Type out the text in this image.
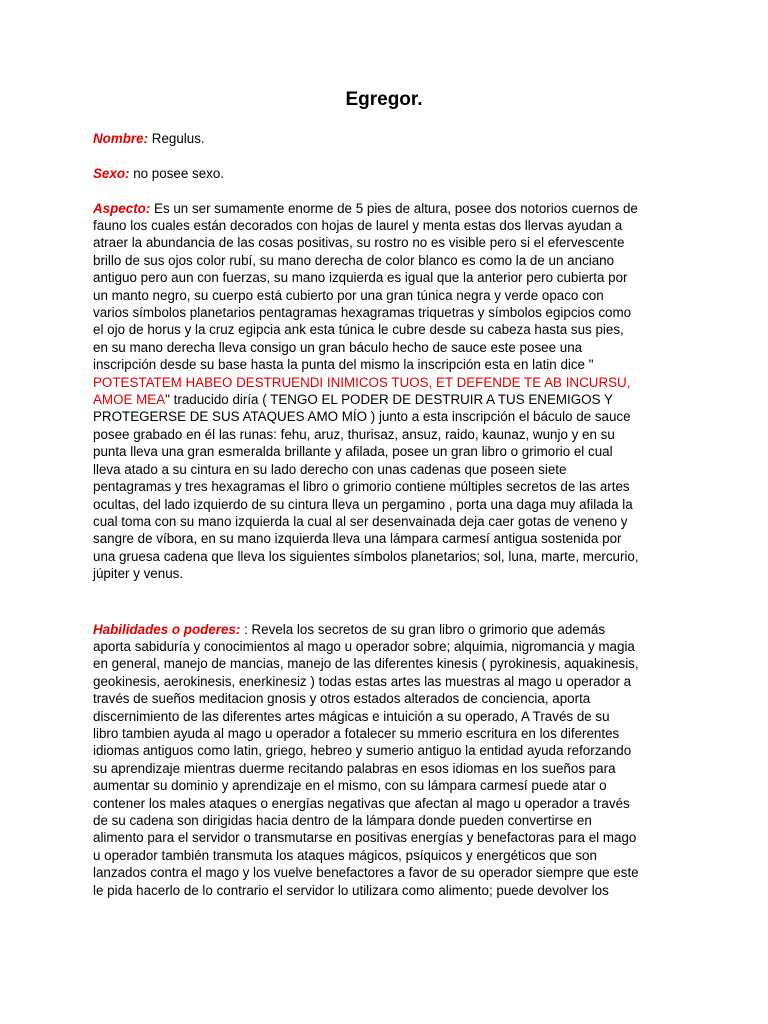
Egregor.

Nombre: Regulus.

Sexo: no posee sexo.

Aspecto: Es un ser sumamente enorme de 5 pies de altura, posee dos notorios cuernos de
fauno los cuales están decorados con hojas de laurel y menta estas dos llervas ayudan a
atraer la abundancia de las cosas positivas, su rostro no es visible pero si el efervescente
brillo de sus ojos color rubí, su mano derecha de color blanco es como la de un anciano
antiguo pero aun con fuerzas, su mano izquierda es igual que la anterior pero cubierta por
un manto negro, su cuerpo está cubierto por una gran túnica negra y verde opaco con
varios símbolos planetarios pentagramas hexagramas triquetras y símbolos egipcios como
el ojo de horus y la cruz egipcia ank esta túnica le cubre desde su cabeza hasta sus pies,
en su mano derecha lleva consigo un gran báculo hecho de sauce este posee una
inscripción desde su base hasta la punta del mismo la inscripción esta en latin dice "
POTESTATEM HABEO DESTRUENDI INIMICOS TUOS, ET DEFENDE TE AB INCURSU,
AMOE MEA" traducido diría ( TENGO EL PODER DE DESTRUIR A TUS ENEMIGOS Y
PROTEGERSE DE SUS ATAQUES AMO MÍO ) junto a esta inscripción el báculo de sauce
posee grabado en él las runas: fehu, aruz, thurisaz, ansuz, raido, kaunaz, wunjo y en su
punta lleva una gran esmeralda brillante y afilada, posee un gran libro o grimorio el cual
lleva atado a su cintura en su lado derecho con unas cadenas que poseen siete
pentagramas y tres hexagramas el libro o grimorio contiene múltiples secretos de las artes
ocultas, del lado izquierdo de su cintura lleva un pergamino , porta una daga muy afilada la
cual toma con su mano izquierda la cual al ser desenvainada deja caer gotas de veneno y
sangre de víbora, en su mano izquierda lleva una lámpara carmesí antigua sostenida por
una gruesa cadena que lleva los siguientes símbolos planetarios; sol, luna, marte, mercurio,
júpiter y venus.

Habilidades o poderes: : Revela los secretos de su gran libro o grimorio que además
aporta sabiduría y conocimientos al mago u operador sobre; alquimia, nigromancia y magia
en general, manejo de mancias, manejo de las diferentes kinesis ( pyrokinesis, aquakinesis,
geokinesis, aerokinesis, enerkinesiz ) todas estas artes las muestras al mago u operador a
través de sueños meditacion gnosis y otros estados alterados de conciencia, aporta
discernimiento de las diferentes artes mágicas e intuición a su operado, A Través de su
libro tambien ayuda al mago u operador a fotalecer su mmerio escritura en los diferentes
idiomas antiguos como latin, griego, hebreo y sumerio antiguo la entidad ayuda reforzando
su aprendizaje mientras duerme recitando palabras en esos idiomas en los sueños para
aumentar su dominio y aprendizaje en el mismo, con su lámpara carmesí puede atar o
contener los males ataques o energías negativas que afectan al mago u operador a través
de su cadena son dirigidas hacia dentro de la lámpara donde pueden convertirse en
alimento para el servidor o transmutarse en positivas energías y benefactoras para el mago
u operador también transmuta los ataques mágicos, psíquicos y energéticos que son
lanzados contra el mago y los vuelve benefactores a favor de su operador siempre que este
le pida hacerlo de lo contrario el servidor lo utilizara como alimento; puede devolver los
